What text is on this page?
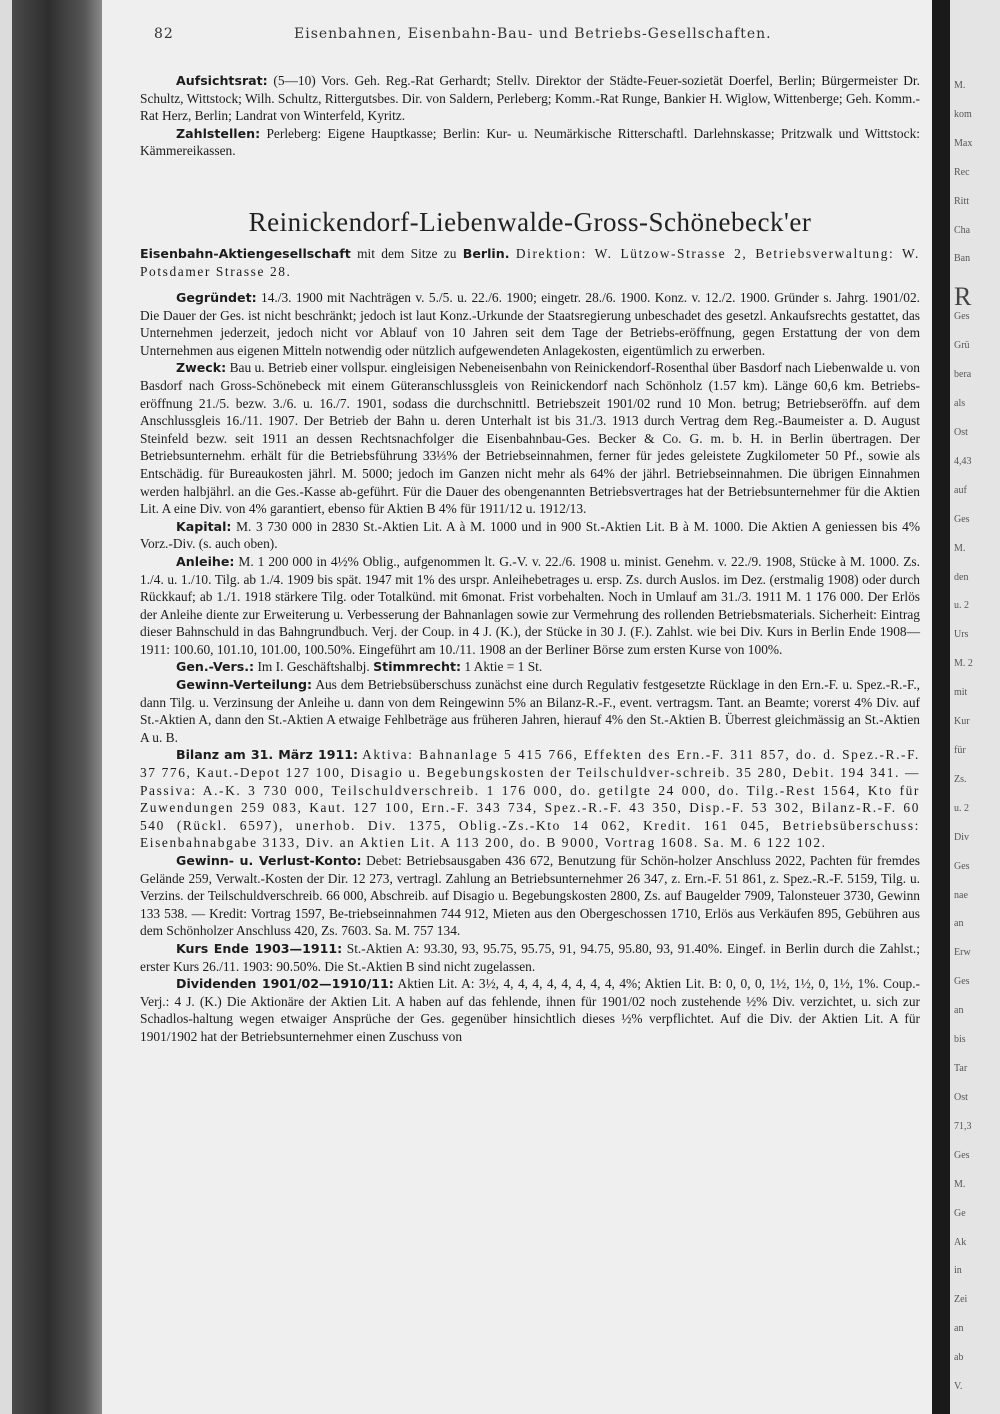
82	Eisenbahnen, Eisenbahn-Bau- und Betriebs-Gesellschaften.

Aufsichtsrat: (5—10) Vors. Geh. Reg.-Rat Gerhardt; Stellv. Direktor der Städte-Feuer-sozietät Doerfel, Berlin; Bürgermeister Dr. Schultz, Wittstock; Wilh. Schultz, Rittergutsbes. Dir. von Saldern, Perleberg; Komm.-Rat Runge, Bankier H. Wiglow, Wittenberge; Geh. Komm.-Rat Herz, Berlin; Landrat von Winterfeld, Kyritz.

Zahlstellen: Perleberg: Eigene Hauptkasse; Berlin: Kur- u. Neumärkische Ritterschaftl. Darlehnskasse; Pritzwalk und Wittstock: Kämmereikassen.

Reinickendorf-Liebenwalde-Gross-Schönebeck'er

Eisenbahn-Aktiengesellschaft mit dem Sitze zu Berlin. Direktion: W. Lützow-Strasse 2, Betriebsverwaltung: W. Potsdamer Strasse 28.

Gegründet: 14./3. 1900 mit Nachträgen v. 5./5. u. 22./6. 1900; eingetr. 28./6. 1900. Konz. v. 12./2. 1900. Gründer s. Jahrg. 1901/02. Die Dauer der Ges. ist nicht beschränkt; jedoch ist laut Konz.-Urkunde der Staatsregierung unbeschadet des gesetzl. Ankaufsrechts gestattet, das Unternehmen jederzeit, jedoch nicht vor Ablauf von 10 Jahren seit dem Tage der Betriebs-eröffnung, gegen Erstattung der von dem Unternehmen aus eigenen Mitteln notwendig oder nützlich aufgewendeten Anlagekosten, eigentümlich zu erwerben.

Zweck: Bau u. Betrieb einer vollspur. eingleisigen Nebeneisenbahn von Reinickendorf-Rosenthal über Basdorf nach Liebenwalde u. von Basdorf nach Gross-Schönebeck mit einem Güteranschlussgleis von Reinickendorf nach Schönholz (1.57 km). Länge 60,6 km. Betriebs-eröffnung 21./5. bezw. 3./6. u. 16./7. 1901, sodass die durchschnittl. Betriebszeit 1901/02 rund 10 Mon. betrug; Betriebseröffn. auf dem Anschlussgleis 16./11. 1907. Der Betrieb der Bahn u. deren Unterhalt ist bis 31./3. 1913 durch Vertrag dem Reg.-Baumeister a. D. August Steinfeld bezw. seit 1911 an dessen Rechtsnachfolger die Eisenbahnbau-Ges. Becker & Co. G. m. b. H. in Berlin übertragen. Der Betriebsunternehm. erhält für die Betriebsführung 33⅓% der Betriebseinnahmen, ferner für jedes geleistete Zugkilometer 50 Pf., sowie als Entschädig. für Bureaukosten jährl. M. 5000; jedoch im Ganzen nicht mehr als 64% der jährl. Betriebseinnahmen. Die übrigen Einnahmen werden halbjährl. an die Ges.-Kasse ab-geführt. Für die Dauer des obengenannten Betriebsvertrages hat der Betriebsunternehmer für die Aktien Lit. A eine Div. von 4% garantiert, ebenso für Aktien B 4% für 1911/12 u. 1912/13.

Kapital: M. 3 730 000 in 2830 St.-Aktien Lit. A à M. 1000 und in 900 St.-Aktien Lit. B à M. 1000. Die Aktien A geniessen bis 4% Vorz.-Div. (s. auch oben).

Anleihe: M. 1 200 000 in 4½% Oblig., aufgenommen lt. G.-V. v. 22./6. 1908 u. minist. Genehm. v. 22./9. 1908, Stücke à M. 1000. Zs. 1./4. u. 1./10. Tilg. ab 1./4. 1909 bis spät. 1947 mit 1% des urspr. Anleihebetrages u. ersp. Zs. durch Auslos. im Dez. (erstmalig 1908) oder durch Rückkauf; ab 1./1. 1918 stärkere Tilg. oder Totalkünd. mit 6monat. Frist vorbehalten. Noch in Umlauf am 31./3. 1911 M. 1 176 000. Der Erlös der Anleihe diente zur Erweiterung u. Verbesserung der Bahnanlagen sowie zur Vermehrung des rollenden Betriebsmaterials. Sicherheit: Eintrag dieser Bahnschuld in das Bahngrundbuch. Verj. der Coup. in 4 J. (K.), der Stücke in 30 J. (F.). Zahlst. wie bei Div. Kurs in Berlin Ende 1908—1911: 100.60, 101.10, 101.00, 100.50%. Eingeführt am 10./11. 1908 an der Berliner Börse zum ersten Kurse von 100%.

Gen.-Vers.: Im I. Geschäftshalbj. Stimmrecht: 1 Aktie = 1 St.

Gewinn-Verteilung: Aus dem Betriebsüberschuss zunächst eine durch Regulativ festgesetzte Rücklage in den Ern.-F. u. Spez.-R.-F., dann Tilg. u. Verzinsung der Anleihe u. dann von dem Reingewinn 5% an Bilanz-R.-F., event. vertragsm. Tant. an Beamte; vorerst 4% Div. auf St.-Aktien A, dann den St.-Aktien A etwaige Fehlbeträge aus früheren Jahren, hierauf 4% den St.-Aktien B. Überrest gleichmässig an St.-Aktien A u. B.

Bilanz am 31. März 1911: Aktiva: Bahnanlage 5 415 766, Effekten des Ern.-F. 311 857, do. d. Spez.-R.-F. 37 776, Kaut.-Depot 127 100, Disagio u. Begebungskosten der Teilschuldver-schreib. 35 280, Debit. 194 341. — Passiva: A.-K. 3 730 000, Teilschuldverschreib. 1 176 000, do. getilgte 24 000, do. Tilg.-Rest 1564, Kto für Zuwendungen 259 083, Kaut. 127 100, Ern.-F. 343 734, Spez.-R.-F. 43 350, Disp.-F. 53 302, Bilanz-R.-F. 60 540 (Rückl. 6597), unerhob. Div. 1375, Oblig.-Zs.-Kto 14 062, Kredit. 161 045, Betriebsüberschuss: Eisenbahnabgabe 3133, Div. an Aktien Lit. A 113 200, do. B 9000, Vortrag 1608. Sa. M. 6 122 102.

Gewinn- u. Verlust-Konto: Debet: Betriebsausgaben 436 672, Benutzung für Schön-holzer Anschluss 2022, Pachten für fremdes Gelände 259, Verwalt.-Kosten der Dir. 12 273, vertragl. Zahlung an Betriebsunternehmer 26 347, z. Ern.-F. 51 861, z. Spez.-R.-F. 5159, Tilg. u. Verzins. der Teilschuldverschreib. 66 000, Abschreib. auf Disagio u. Begebungskosten 2800, Zs. auf Baugelder 7909, Talonsteuer 3730, Gewinn 133 538. — Kredit: Vortrag 1597, Be-triebseinnahmen 744 912, Mieten aus den Obergeschossen 1710, Erlös aus Verkäufen 895, Gebühren aus dem Schönholzer Anschluss 420, Zs. 7603. Sa. M. 757 134.

Kurs Ende 1903—1911: St.-Aktien A: 93.30, 93, 95.75, 95.75, 91, 94.75, 95.80, 93, 91.40%. Eingef. in Berlin durch die Zahlst.; erster Kurs 26./11. 1903: 90.50%. Die St.-Aktien B sind nicht zugelassen.

Dividenden 1901/02—1910/11: Aktien Lit. A: 3½, 4, 4, 4, 4, 4, 4, 4, 4, 4%; Aktien Lit. B: 0, 0, 0, 1½, 1½, 0, 1½, 1%. Coup.-Verj.: 4 J. (K.) Die Aktionäre der Aktien Lit. A haben auf das fehlende, ihnen für 1901/02 noch zustehende ½% Div. verzichtet, u. sich zur Schadlos-haltung wegen etwaiger Ansprüche der Ges. gegenüber hinsichtlich dieses ½% verpflichtet. Auf die Div. der Aktien Lit. A für 1901/1902 hat der Betriebsunternehmer einen Zuschuss von

M.
kom
Max
Rec
Ritt
Cha
Ban
R
Ges
Grü
bera
als
Ost
4,43
auf
Ges
M.
den
u. 2
Urs
M. 2
mit
Kur
für
Zs.
u. 2
Div
Ges
nae
an
Erw
Ges
an
bis
Tar
Ost
71,3
Ges
M.
Ge
Ak
in
Zei
an
ab
V.
